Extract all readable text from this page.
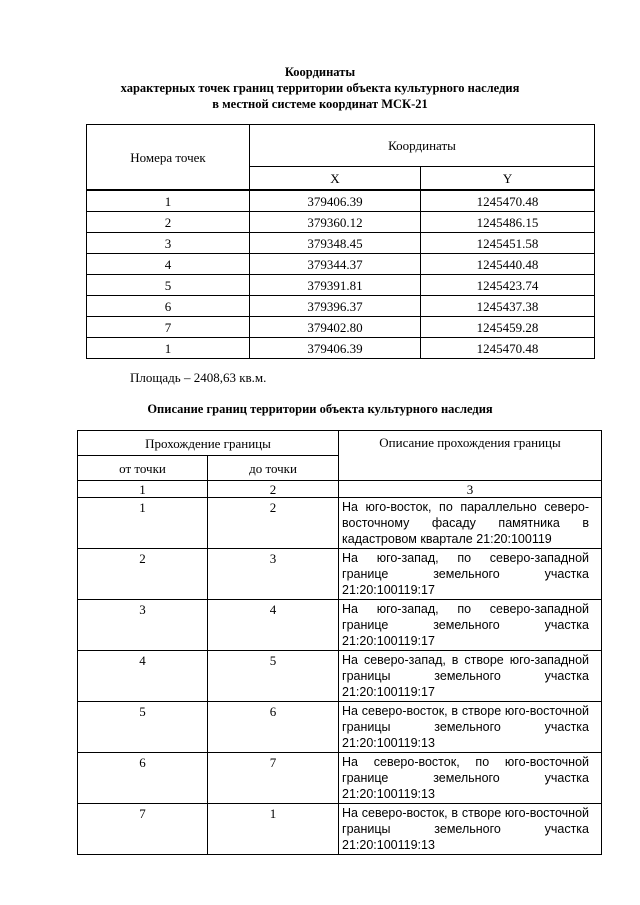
Координаты
характерных точек границ территории объекта культурного наследия
в местной системе координат МСК-21
Номера точек	Координаты	
	X	Y
1	379406.39	1245470.48
2	379360.12	1245486.15
3	379348.45	1245451.58
4	379344.37	1245440.48
5	379391.81	1245423.74
6	379396.37	1245437.38
7	379402.80	1245459.28
1	379406.39	1245470.48
Площадь – 2408,63 кв.м.
Описание границ территории объекта культурного наследия
Прохождение границы		Описание прохождения границы
от точки	до точки	
1	2	3
1	2	На юго-восток, по параллельно северо-восточному фасаду памятника в кадастровом квартале 21:20:100119
2	3	На юго-запад, по северо-западной границе земельного участка 21:20:100119:17
3	4	На юго-запад, по северо-западной границе земельного участка 21:20:100119:17
4	5	На северо-запад, в створе юго-западной границы земельного участка 21:20:100119:17
5	6	На северо-восток, в створе юго-восточной границы земельного участка 21:20:100119:13
6	7	На северо-восток, по юго-восточной границе земельного участка 21:20:100119:13
7	1	На северо-восток, в створе юго-восточной границы земельного участка 21:20:100119:13
